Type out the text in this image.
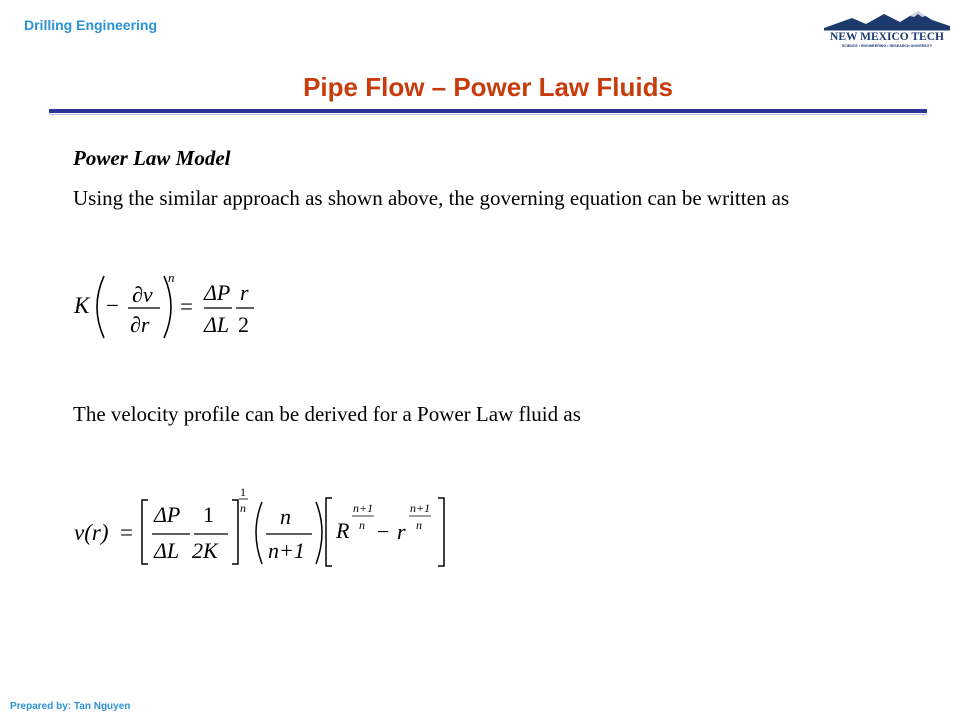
Drilling Engineering
NEW MEXICO TECH
SCIENCE • ENGINEERING • RESEARCH UNIVERSITY
Pipe Flow – Power Law Fluids
Power Law Model
Using the similar approach as shown above, the governing equation can be written as
K − ∂v
∂r
n
=
ΔP
ΔL
r
2
The velocity profile can be derived for a Power Law fluid as
v(r) =
ΔP
ΔL
1
2K
1
n n
n+1
R
n+1
n − r
n+1
n
Prepared by: Tan Nguyen
